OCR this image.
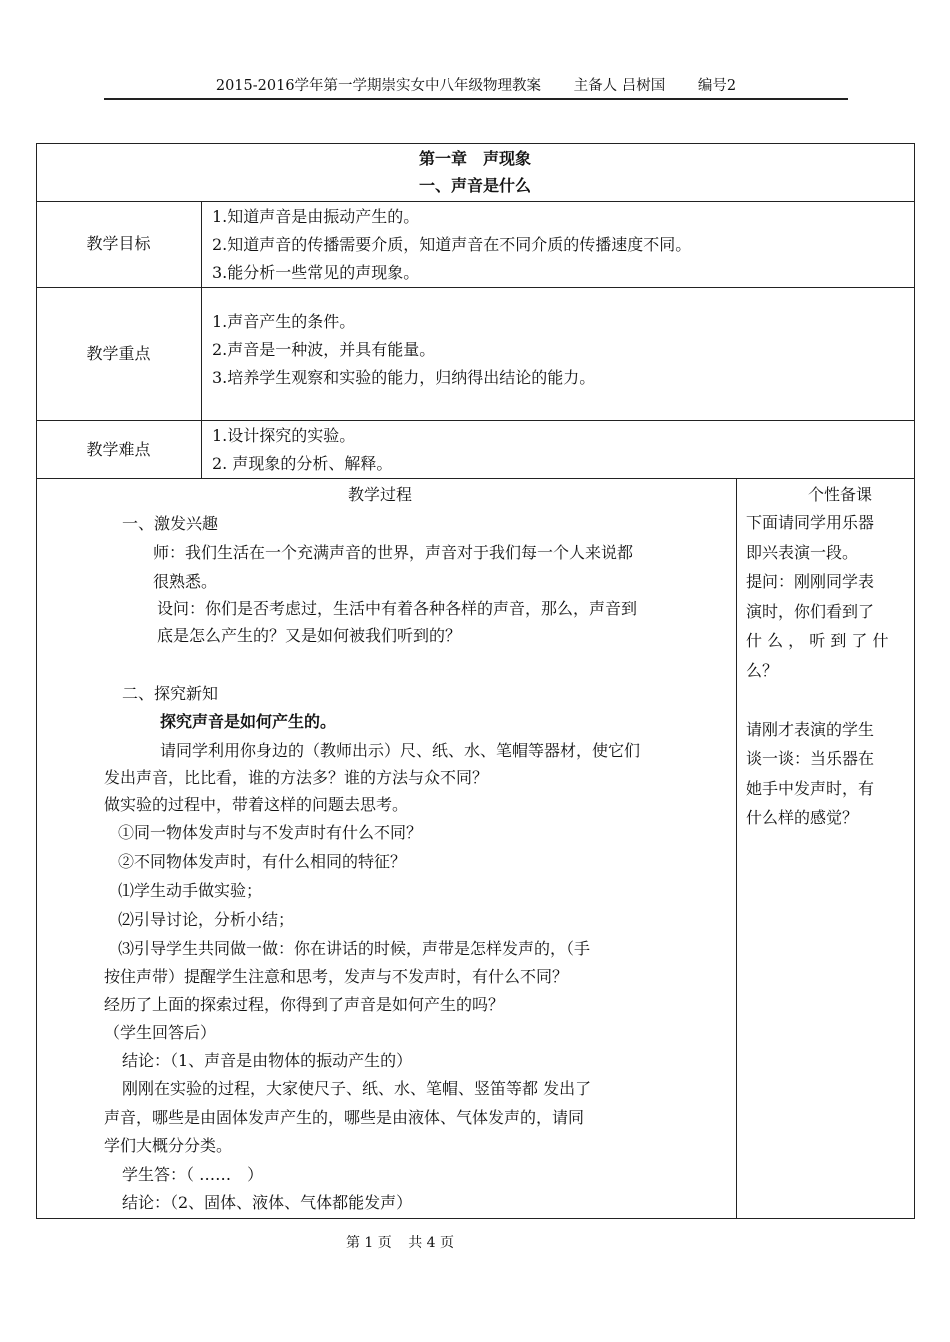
2015-2016学年第一学期崇实女中八年级物理教案 主备人 吕树国 编号2
第一章　声现象
一、声音是什么
教学目标
1.知道声音是由振动产生的。
2.知道声音的传播需要介质，知道声音在不同介质的传播速度不同。
3.能分析一些常见的声现象。
教学重点
1.声音产生的条件。
2.声音是一种波，并具有能量。
3.培养学生观察和实验的能力，归纳得出结论的能力。
教学难点
1.设计探究的实验。
2. 声现象的分析、解释。
教学过程
一、激发兴趣
师：我们生活在一个充满声音的世界，声音对于我们每一个人来说都
很熟悉。
设问：你们是否考虑过，生活中有着各种各样的声音，那么，声音到
底是怎么产生的？又是如何被我们听到的？
二、探究新知
探究声音是如何产生的。
请同学利用你身边的（教师出示）尺、纸、水、笔帽等器材，使它们
发出声音，比比看，谁的方法多？谁的方法与众不同？
做实验的过程中，带着这样的问题去思考。
①同一物体发声时与不发声时有什么不同？
②不同物体发声时，有什么相同的特征？
⑴学生动手做实验；
⑵引导讨论，分析小结；
⑶引导学生共同做一做：你在讲话的时候，声带是怎样发声的，（手
按住声带）提醒学生注意和思考，发声与不发声时，有什么不同？
经历了上面的探索过程，你得到了声音是如何产生的吗？
（学生回答后）
结论：（1、声音是由物体的振动产生的）
刚刚在实验的过程，大家使尺子、纸、水、笔帽、竖笛等都 发出了
声音，哪些是由固体发声产生的，哪些是由液体、气体发声的，请同
学们大概分分类。
学生答：（ ……　）
结论：（2、固体、液体、气体都能发声）
个性备课
下面请同学用乐器
即兴表演一段。
提问：刚刚同学表
演时，你们看到了
什 么 ， 听 到 了 什
么？
请刚才表演的学生
谈一谈：当乐器在
她手中发声时，有
什么样的感觉？
第 1 页 共 4 页
